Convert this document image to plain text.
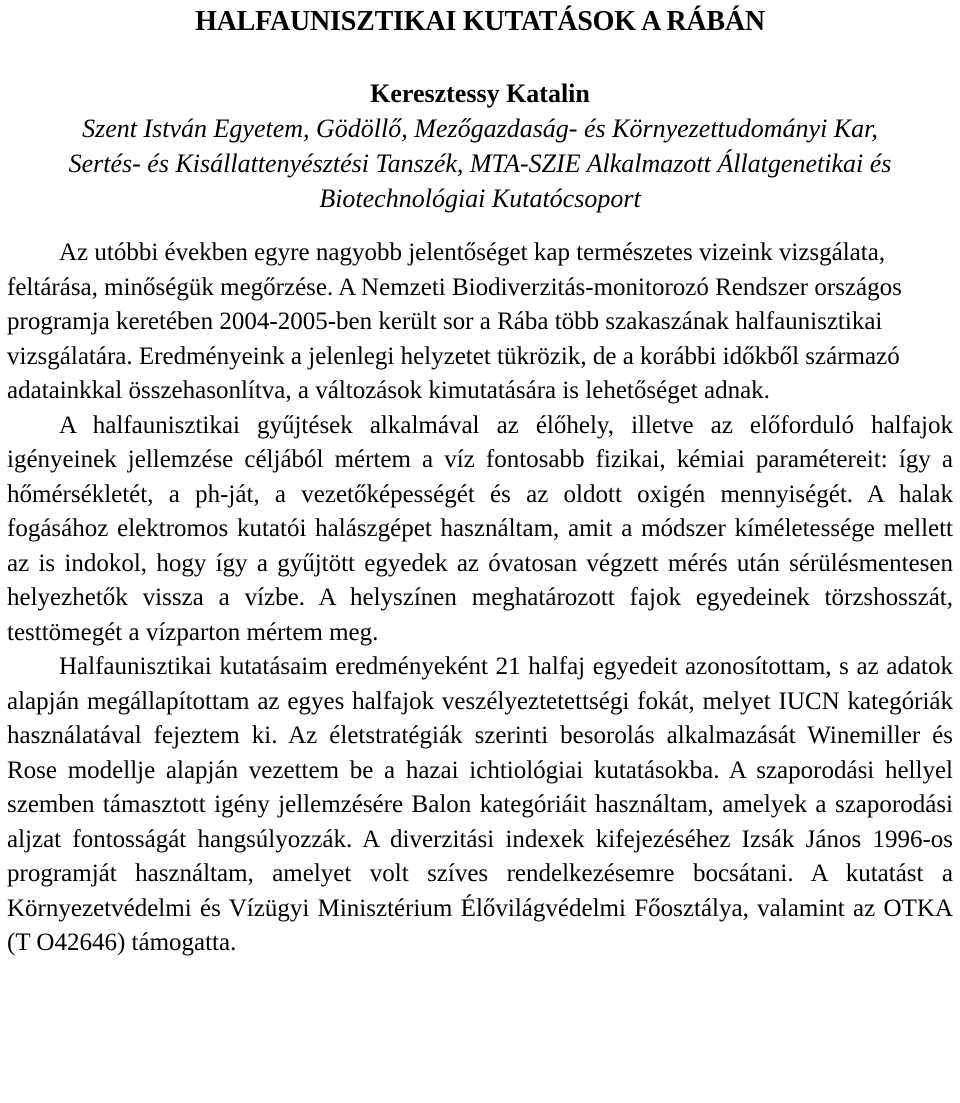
HALFAUNISZTIKAI KUTATÁSOK A RÁBÁN
Keresztessy Katalin
Szent István Egyetem, Gödöllő, Mezőgazdaság- és Környezettudományi Kar,
Sertés- és Kisállattenyésztési Tanszék, MTA-SZIE Alkalmazott Állatgenetikai és
Biotechnológiai Kutatócsoport

Az utóbbi években egyre nagyobb jelentőséget kap természetes vizeink vizsgálata, feltárása, minőségük megőrzése. A Nemzeti Biodiverzitás-monitorozó Rendszer országos programja keretében 2004-2005-ben került sor a Rába több szakaszának halfaunisztikai vizsgálatára. Eredményeink a jelenlegi helyzetet tükrözik, de a korábbi időkből származó adatainkkal összehasonlítva, a változások kimutatására is lehetőséget adnak.

A halfaunisztikai gyűjtések alkalmával az élőhely, illetve az előforduló halfajok igényeinek jellemzése céljából mértem a víz fontosabb fizikai, kémiai paramétereit: így a hőmérsékletét, a ph-ját, a vezetőképességét és az oldott oxigén mennyiségét. A halak fogásához elektromos kutatói halászgépet használtam, amit a módszer kíméletessége mellett az is indokol, hogy így a gyűjtött egyedek az óvatosan végzett mérés után sérülésmentesen helyezhetők vissza a vízbe. A helyszínen meghatározott fajok egyedeinek törzshosszát, testtömegét a vízparton mértem meg.

Halfaunisztikai kutatásaim eredményeként 21 halfaj egyedeit azonosítottam, s az adatok alapján megállapítottam az egyes halfajok veszélyeztetettségi fokát, melyet IUCN kategóriák használatával fejeztem ki. Az életstratégiák szerinti besorolás alkalmazását Winemiller és Rose modellje alapján vezettem be a hazai ichtiológiai kutatásokba. A szaporodási hellyel szemben támasztott igény jellemzésére Balon kategóriáit használtam, amelyek a szaporodási aljzat fontosságát hangsúlyozzák. A diverzitási indexek kifejezéséhez Izsák János 1996-os programját használtam, amelyet volt szíves rendelkezésemre bocsátani. A kutatást a Környezetvédelmi és Vízügyi Minisztérium Élővilágvédelmi Főosztálya, valamint az OTKA (T O42646) támogatta.
